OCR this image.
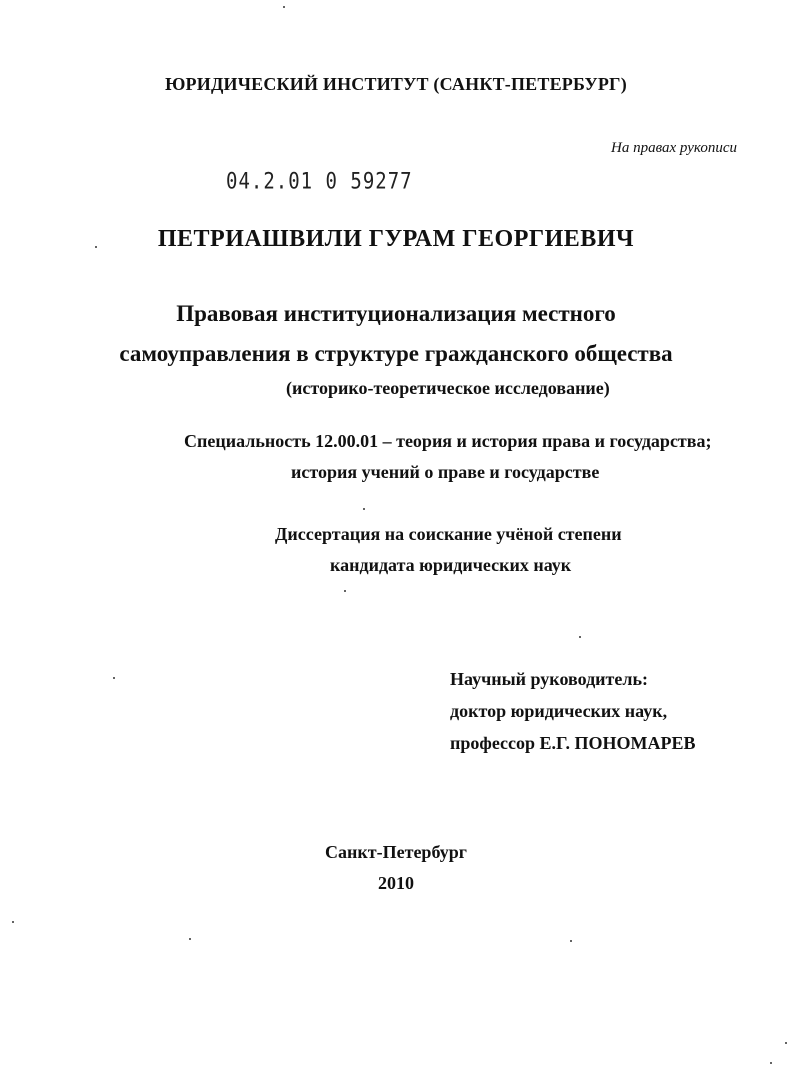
ЮРИДИЧЕСКИЙ ИНСТИТУТ (САНКТ-ПЕТЕРБУРГ)
На правах рукописи
04.2.01 0 59277
ПЕТРИАШВИЛИ ГУРАМ ГЕОРГИЕВИЧ
Правовая институционализация местного
самоуправления в структуре гражданского общества
(историко-теоретическое исследование)
Специальность 12.00.01 – теория и история права и государства;
история учений о праве и государстве
Диссертация на соискание учёной степени
кандидата юридических наук
Научный руководитель:
доктор юридических наук,
профессор Е.Г. ПОНОМАРЕВ
Санкт-Петербург
2010
